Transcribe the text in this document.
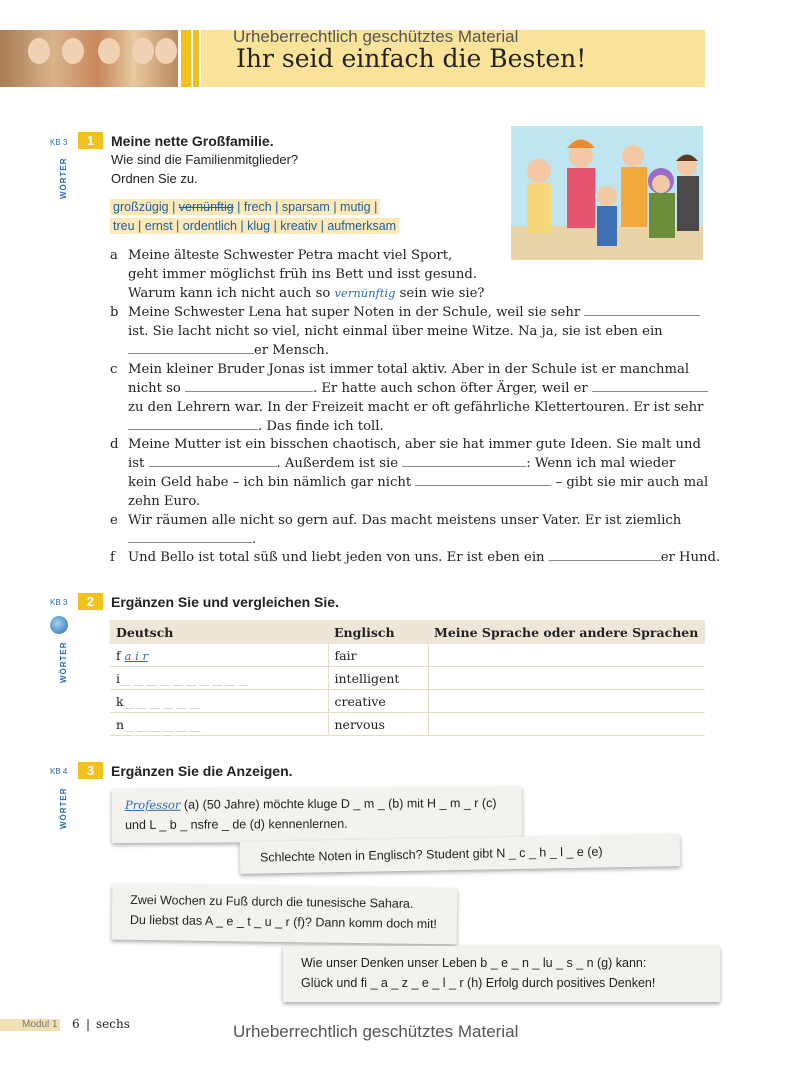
Urheberrechtlich geschütztes Material
Ihr seid einfach die Besten!
KB 3	1
WÖRTER
Meine nette Großfamilie.
Wie sind die Familienmitglieder?
Ordnen Sie zu.
großzügig | vernünftig | frech | sparsam | mutig |
treu | ernst | ordentlich | klug | kreativ | aufmerksam
a Meine älteste Schwester Petra macht viel Sport,
geht immer möglichst früh ins Bett und isst gesund.
Warum kann ich nicht auch so vernünftig sein wie sie?
b Meine Schwester Lena hat super Noten in der Schule, weil sie sehr
ist. Sie lacht nicht so viel, nicht einmal über meine Witze. Na ja, sie ist eben ein
er Mensch.
c Mein kleiner Bruder Jonas ist immer total aktiv. Aber in der Schule ist er manchmal
nicht so	. Er hatte auch schon öfter Ärger, weil er
zu den Lehrern war. In der Freizeit macht er oft gefährliche Klettertouren. Er ist sehr
. Das finde ich toll.
d Meine Mutter ist ein bisschen chaotisch, aber sie hat immer gute Ideen. Sie malt und
ist	. Außerdem ist sie	: Wenn ich mal wieder
kein Geld habe – ich bin nämlich gar nicht	– gibt sie mir auch mal
zehn Euro.
e Wir räumen alle nicht so gern auf. Das macht meistens unser Vater. Er ist ziemlich
.
f Und Bello ist total süß und liebt jeden von uns. Er ist eben ein	er Hund.
KB 3	2
WÖRTER
Ergänzen Sie und vergleichen Sie.
Deutsch	Englisch	Meine Sprache oder andere Sprachen
f a i r	fair	
i__ __ __ __ __ __ __ __ __ __	intelligent	
k__ __ __ __ __ __	creative	
n__ __ __ __ __ __	nervous	
KB 4	3
WÖRTER
Ergänzen Sie die Anzeigen.
Professor (a) (50 Jahre) möchte kluge D _ m _ (b) mit H _ m _ r (c)
und L _ b _ nsfre _ de (d) kennenlernen.
Schlechte Noten in Englisch? Student gibt N _ c _ h _ l _ e (e)
Zwei Wochen zu Fuß durch die tunesische Sahara.
Du liebst das A _ e _ t _ u _ r (f)? Dann komm doch mit!
Wie unser Denken unser Leben b _ e _ n _ lu _ s _ n (g) kann:
Glück und fi _ a _ z _ e _ l _ r (h) Erfolg durch positives Denken!
Modul 1 6 | sechs	Urheberrechtlich geschütztes Material
